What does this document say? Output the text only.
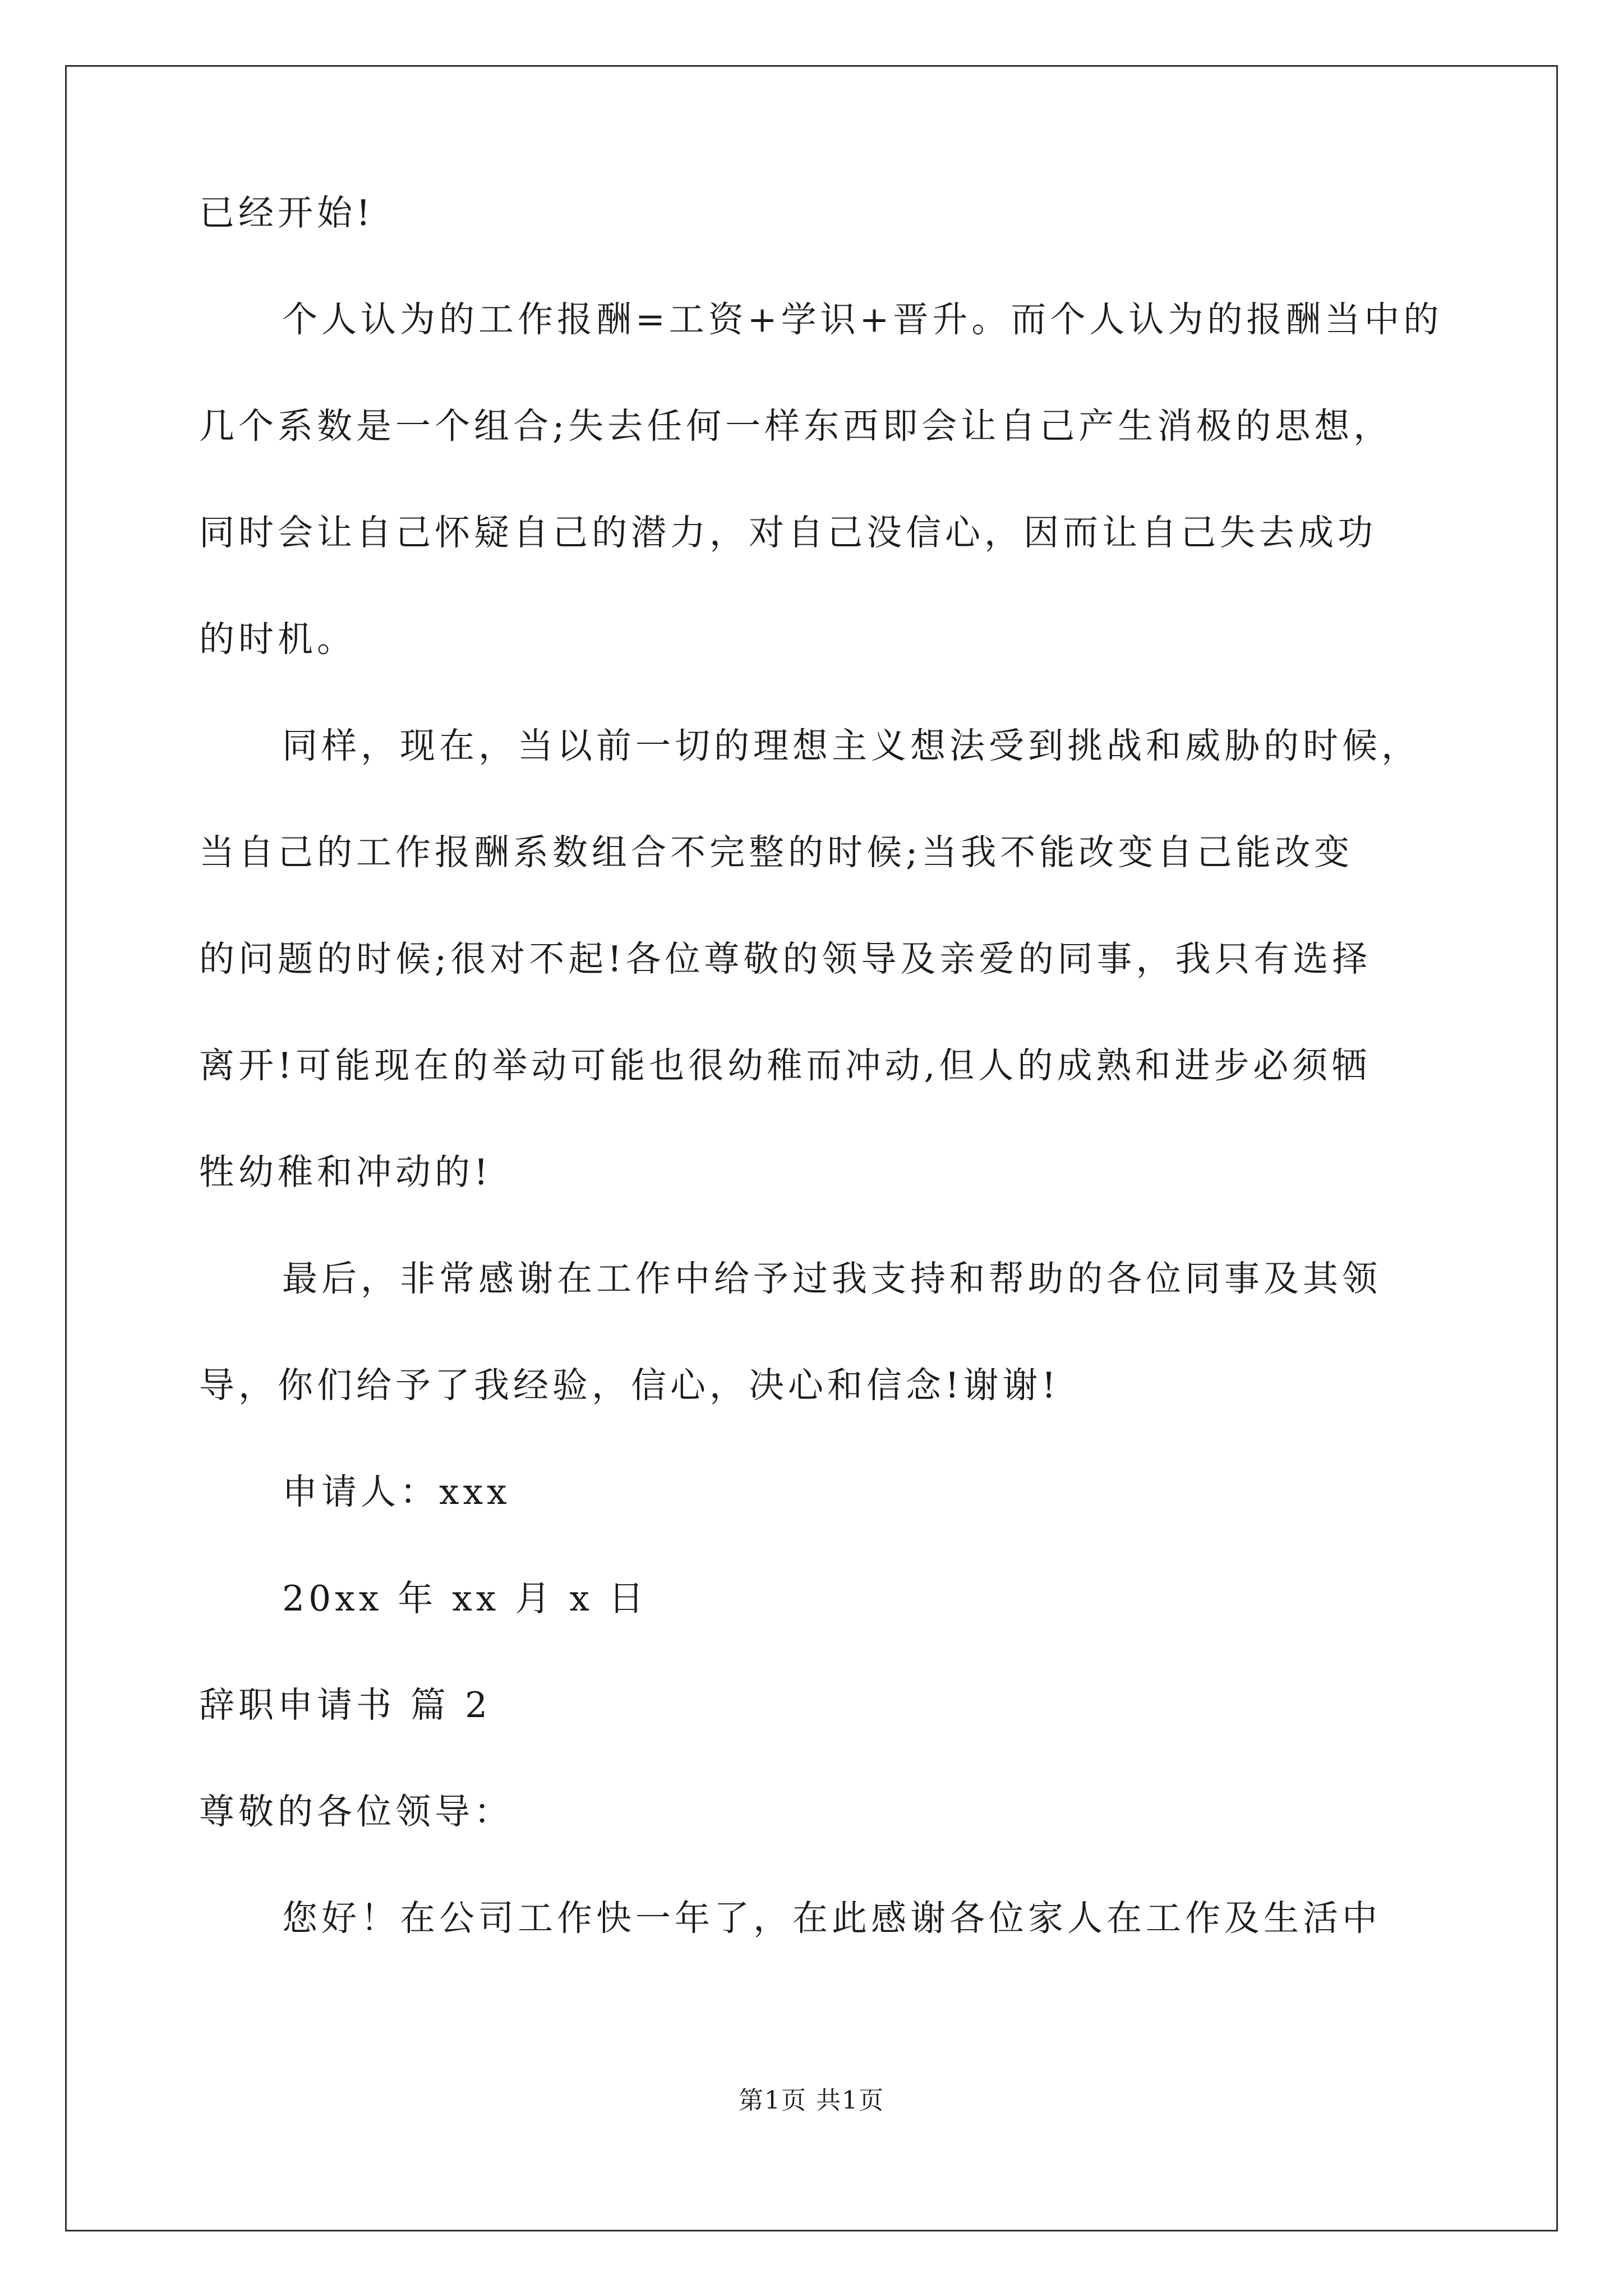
已经开始!
个人认为的工作报酬=工资+学识+晋升。而个人认为的报酬当中的
几个系数是一个组合;失去任何一样东西即会让自己产生消极的思想，
同时会让自己怀疑自己的潜力，对自己没信心，因而让自己失去成功
的时机。
同样，现在，当以前一切的理想主义想法受到挑战和威胁的时候，
当自己的工作报酬系数组合不完整的时候;当我不能改变自己能改变
的问题的时候;很对不起!各位尊敬的领导及亲爱的同事，我只有选择
离开!可能现在的举动可能也很幼稚而冲动,但人的成熟和进步必须牺
牲幼稚和冲动的!
最后，非常感谢在工作中给予过我支持和帮助的各位同事及其领
导，你们给予了我经验，信心，决心和信念!谢谢!
申请人：xxx
20xx 年 xx 月 x 日
辞职申请书 篇 2
尊敬的各位领导：
您好！在公司工作快一年了，在此感谢各位家人在工作及生活中
第1页 共1页
